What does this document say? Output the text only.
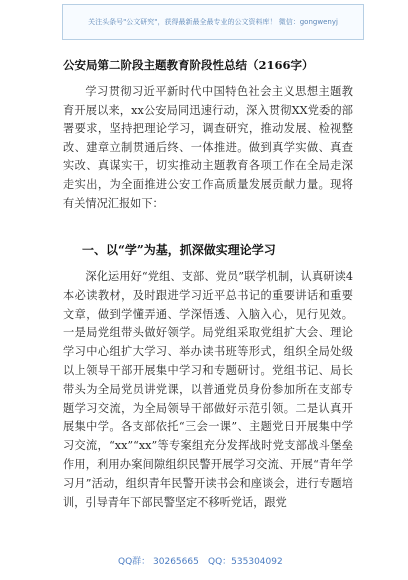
关注头条号"公文研究"，获得最新最全最专业的公文资料库！ 微信：gongwenyj
公安局第二阶段主题教育阶段性总结（2166字）

学习贯彻习近平新时代中国特色社会主义思想主题教育开展以来，xx公安局同迅速行动，深入贯彻XX党委的部署要求，坚持把理论学习，调查研究，推动发展、检视整改、建章立制贯通后终、一体推进。做到真学实做、真查实改、真谋实干，切实推动主题教育各项工作在全局走深走实出，为全面推进公安工作高质量发展贡献力量。现将有关情况汇报如下：

一、以“学”为基，抓深做实理论学习

深化运用好“党组、支部、党员”联学机制，认真研读4本必读教材，及时跟进学习近平总书记的重要讲话和重要文章，做到学懂弄通、学深悟透、入脑入心，见行见效。一是局党组带头做好领学。局党组采取党组扩大会、理论学习中心组扩大学习、举办读书班等形式，组织全局处级以上领导干部开展集中学习和专题研讨。党组书记、局长带头为全局党员讲党课，以普通党员身份参加所在支部专题学习交流，为全局领导干部做好示范引领。二是认真开展集中学。各支部依托“三会一课”、主题党日开展集中学习交流，“xx”“xx”等专案组充分发挥战时党支部战斗堡垒作用，利用办案间隙组织民警开展学习交流、开展“青年学习月”活动，组织青年民警开读书会和座谈会，进行专题培训，引导青年下部民警坚定不移听党话，跟党

QQ群： 30265665 QQ：535304092
